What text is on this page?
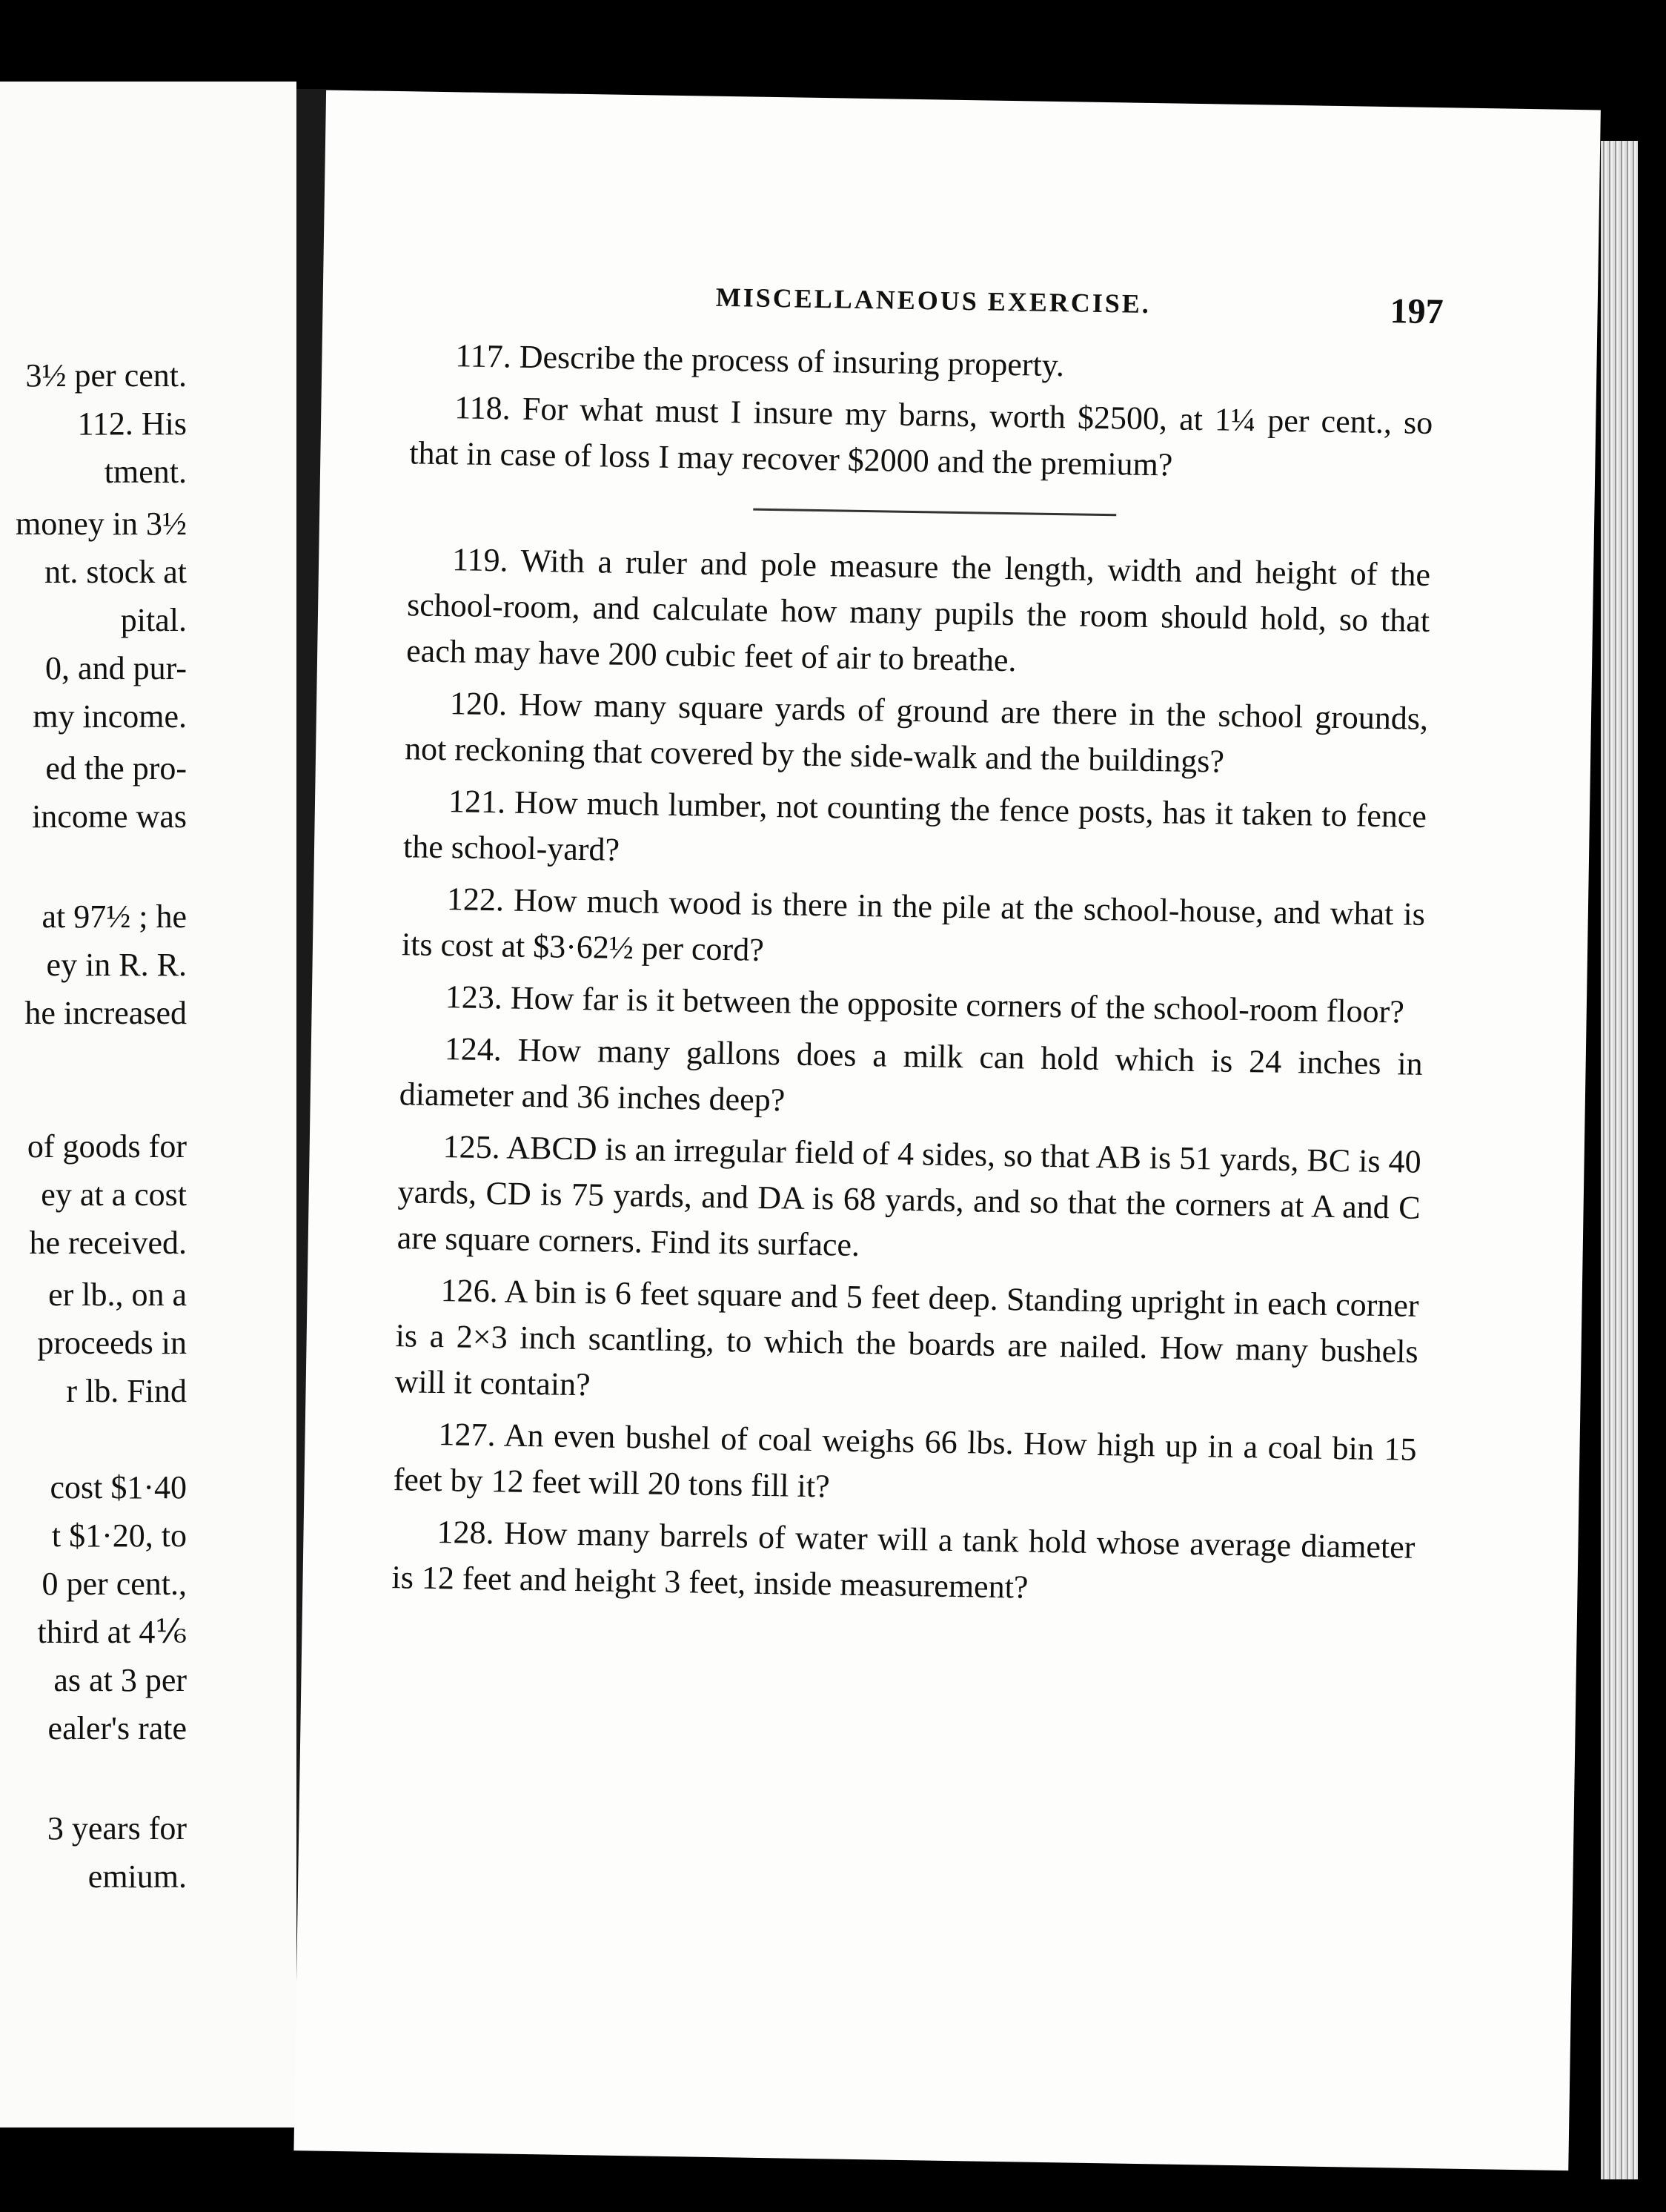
3½ per cent.
112. His
tment.
money in 3½
nt. stock at
pital.
0, and pur-
my income.
ed the pro-
income was
at 97½ ; he
ey in R. R.
he increased
of goods for
ey at a cost
he received.
er lb., on a
proceeds in
r lb. Find
cost $1·40
t $1·20, to
0 per cent.,
third at 4⅙
as at 3 per
ealer's rate
3 years for
emium.
MISCELLANEOUS EXERCISE.	197
117. Describe the process of insuring property.
118. For what must I insure my barns, worth $2500, at 1¼ per cent., so that in case of loss I may recover $2000 and the premium?
119. With a ruler and pole measure the length, width and height of the school-room, and calculate how many pupils the room should hold, so that each may have 200 cubic feet of air to breathe.
120. How many square yards of ground are there in the school grounds, not reckoning that covered by the side-walk and the buildings?
121. How much lumber, not counting the fence posts, has it taken to fence the school-yard?
122. How much wood is there in the pile at the school-house, and what is its cost at $3·62½ per cord?
123. How far is it between the opposite corners of the school-room floor?
124. How many gallons does a milk can hold which is 24 inches in diameter and 36 inches deep?
125. ABCD is an irregular field of 4 sides, so that AB is 51 yards, BC is 40 yards, CD is 75 yards, and DA is 68 yards, and so that the corners at A and C are square corners. Find its surface.
126. A bin is 6 feet square and 5 feet deep. Standing upright in each corner is a 2×3 inch scantling, to which the boards are nailed. How many bushels will it contain?
127. An even bushel of coal weighs 66 lbs. How high up in a coal bin 15 feet by 12 feet will 20 tons fill it?
128. How many barrels of water will a tank hold whose average diameter is 12 feet and height 3 feet, inside measurement?
